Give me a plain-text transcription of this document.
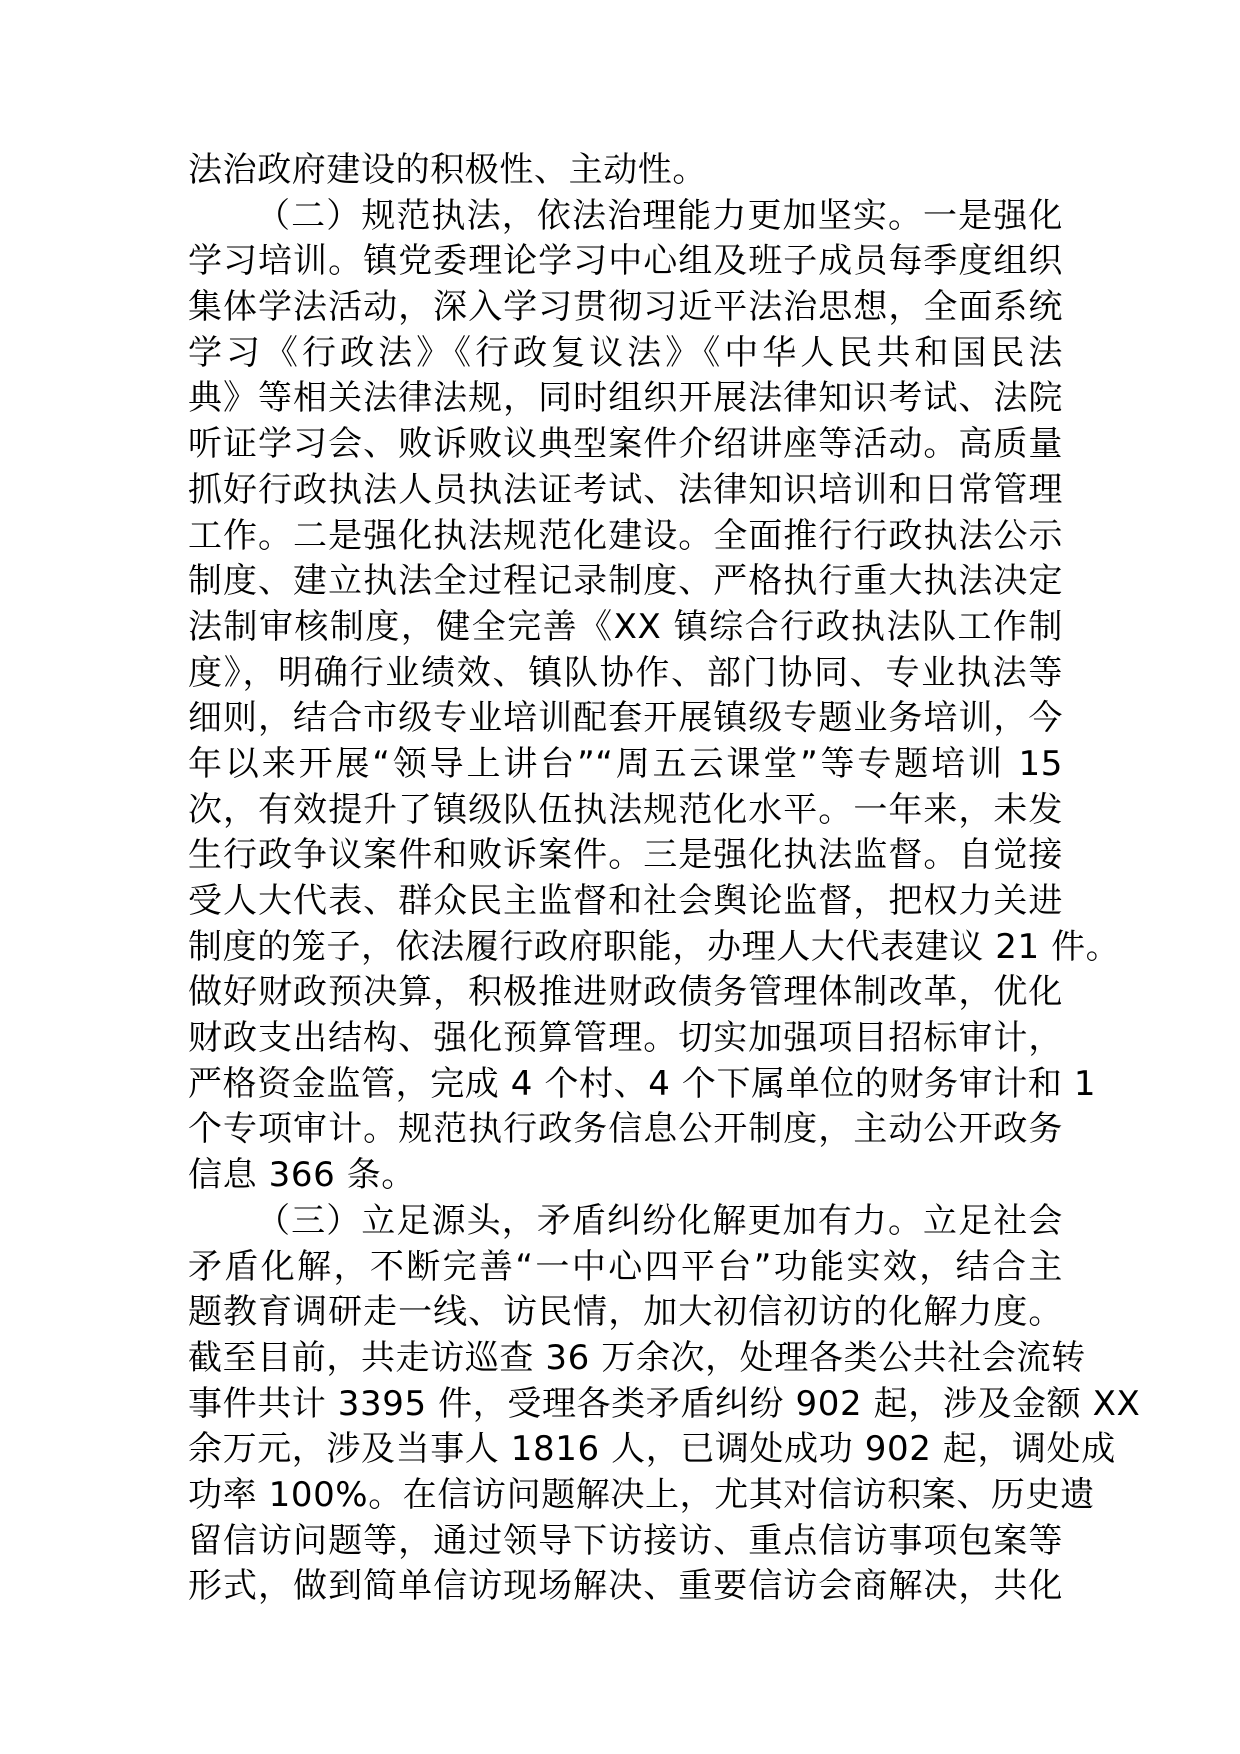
法治政府建设的积极性、主动性。
（二）规范执法，依法治理能力更加坚实。一是强化
学习培训。镇党委理论学习中心组及班子成员每季度组织
集体学法活动，深入学习贯彻习近平法治思想，全面系统
学习《行政法》《行政复议法》《中华人民共和国民法
典》等相关法律法规，同时组织开展法律知识考试、法院
听证学习会、败诉败议典型案件介绍讲座等活动。高质量
抓好行政执法人员执法证考试、法律知识培训和日常管理
工作。二是强化执法规范化建设。全面推行行政执法公示
制度、建立执法全过程记录制度、严格执行重大执法决定
法制审核制度，健全完善《XX 镇综合行政执法队工作制
度》，明确行业绩效、镇队协作、部门协同、专业执法等
细则，结合市级专业培训配套开展镇级专题业务培训，今
年以来开展“领导上讲台”“周五云课堂”等专题培训 15
次，有效提升了镇级队伍执法规范化水平。一年来，未发
生行政争议案件和败诉案件。三是强化执法监督。自觉接
受人大代表、群众民主监督和社会舆论监督，把权力关进
制度的笼子，依法履行政府职能，办理人大代表建议 21 件。
做好财政预决算，积极推进财政债务管理体制改革，优化
财政支出结构、强化预算管理。切实加强项目招标审计，
严格资金监管，完成 4 个村、4 个下属单位的财务审计和 1
个专项审计。规范执行政务信息公开制度，主动公开政务
信息 366 条。
（三）立足源头，矛盾纠纷化解更加有力。立足社会
矛盾化解，不断完善“一中心四平台”功能实效，结合主
题教育调研走一线、访民情，加大初信初访的化解力度。
截至目前，共走访巡查 36 万余次，处理各类公共社会流转
事件共计 3395 件，受理各类矛盾纠纷 902 起，涉及金额 XX
余万元，涉及当事人 1816 人，已调处成功 902 起，调处成
功率 100%。在信访问题解决上，尤其对信访积案、历史遗
留信访问题等，通过领导下访接访、重点信访事项包案等
形式，做到简单信访现场解决、重要信访会商解决，共化
